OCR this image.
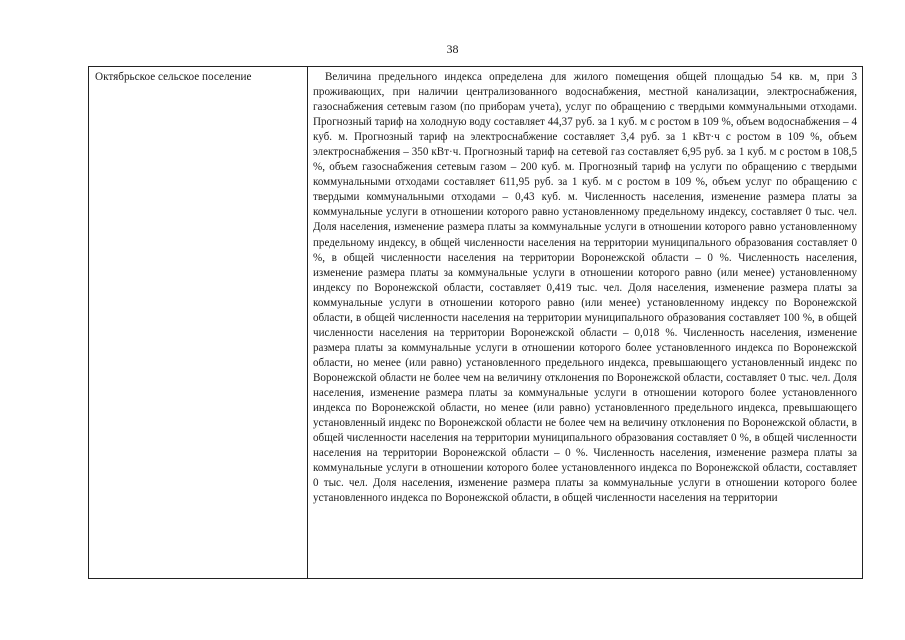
38
Октябрьское сельское поселение	Величина предельного индекса определена для жилого помещения общей площадью 54 кв. м, при 3 проживающих, при наличии централизованного водоснабжения, местной канализации, электроснабжения, газоснабжения сетевым газом (по приборам учета), услуг по обращению с твердыми коммунальными отходами. Прогнозный тариф на холодную воду составляет 44,37 руб. за 1 куб. м с ростом в 109 %, объем водоснабжения – 4 куб. м. Прогнозный тариф на электроснабжение составляет 3,4 руб. за 1 кВт·ч с ростом в 109 %, объем электроснабжения – 350 кВт·ч. Прогнозный тариф на сетевой газ составляет 6,95 руб. за 1 куб. м с ростом в 108,5 %, объем газоснабжения сетевым газом – 200 куб. м. Прогнозный тариф на услуги по обращению с твердыми коммунальными отходами составляет 611,95 руб. за 1 куб. м с ростом в 109 %, объем услуг по обращению с твердыми коммунальными отходами – 0,43 куб. м. Численность населения, изменение размера платы за коммунальные услуги в отношении которого равно установленному предельному индексу, составляет 0 тыс. чел. Доля населения, изменение размера платы за коммунальные услуги в отношении которого равно установленному предельному индексу, в общей численности населения на территории муниципального образования составляет 0 %, в общей численности населения на территории Воронежской области – 0 %. Численность населения, изменение размера платы за коммунальные услуги в отношении которого равно (или менее) установленному индексу по Воронежской области, составляет 0,419 тыс. чел. Доля населения, изменение размера платы за коммунальные услуги в отношении которого равно (или менее) установленному индексу по Воронежской области, в общей численности населения на территории муниципального образования составляет 100 %, в общей численности населения на территории Воронежской области – 0,018 %. Численность населения, изменение размера платы за коммунальные услуги в отношении которого более установленного индекса по Воронежской области, но менее (или равно) установленного предельного индекса, превышающего установленный индекс по Воронежской области не более чем на величину отклонения по Воронежской области, составляет 0 тыс. чел. Доля населения, изменение размера платы за коммунальные услуги в отношении которого более установленного индекса по Воронежской области, но менее (или равно) установленного предельного индекса, превышающего установленный индекс по Воронежской области не более чем на величину отклонения по Воронежской области, в общей численности населения на территории муниципального образования составляет 0 %, в общей численности населения на территории Воронежской области – 0 %. Численность населения, изменение размера платы за коммунальные услуги в отношении которого более установленного индекса по Воронежской области, составляет 0 тыс. чел. Доля населения, изменение размера платы за коммунальные услуги в отношении которого более установленного индекса по Воронежской области, в общей численности населения на территории
